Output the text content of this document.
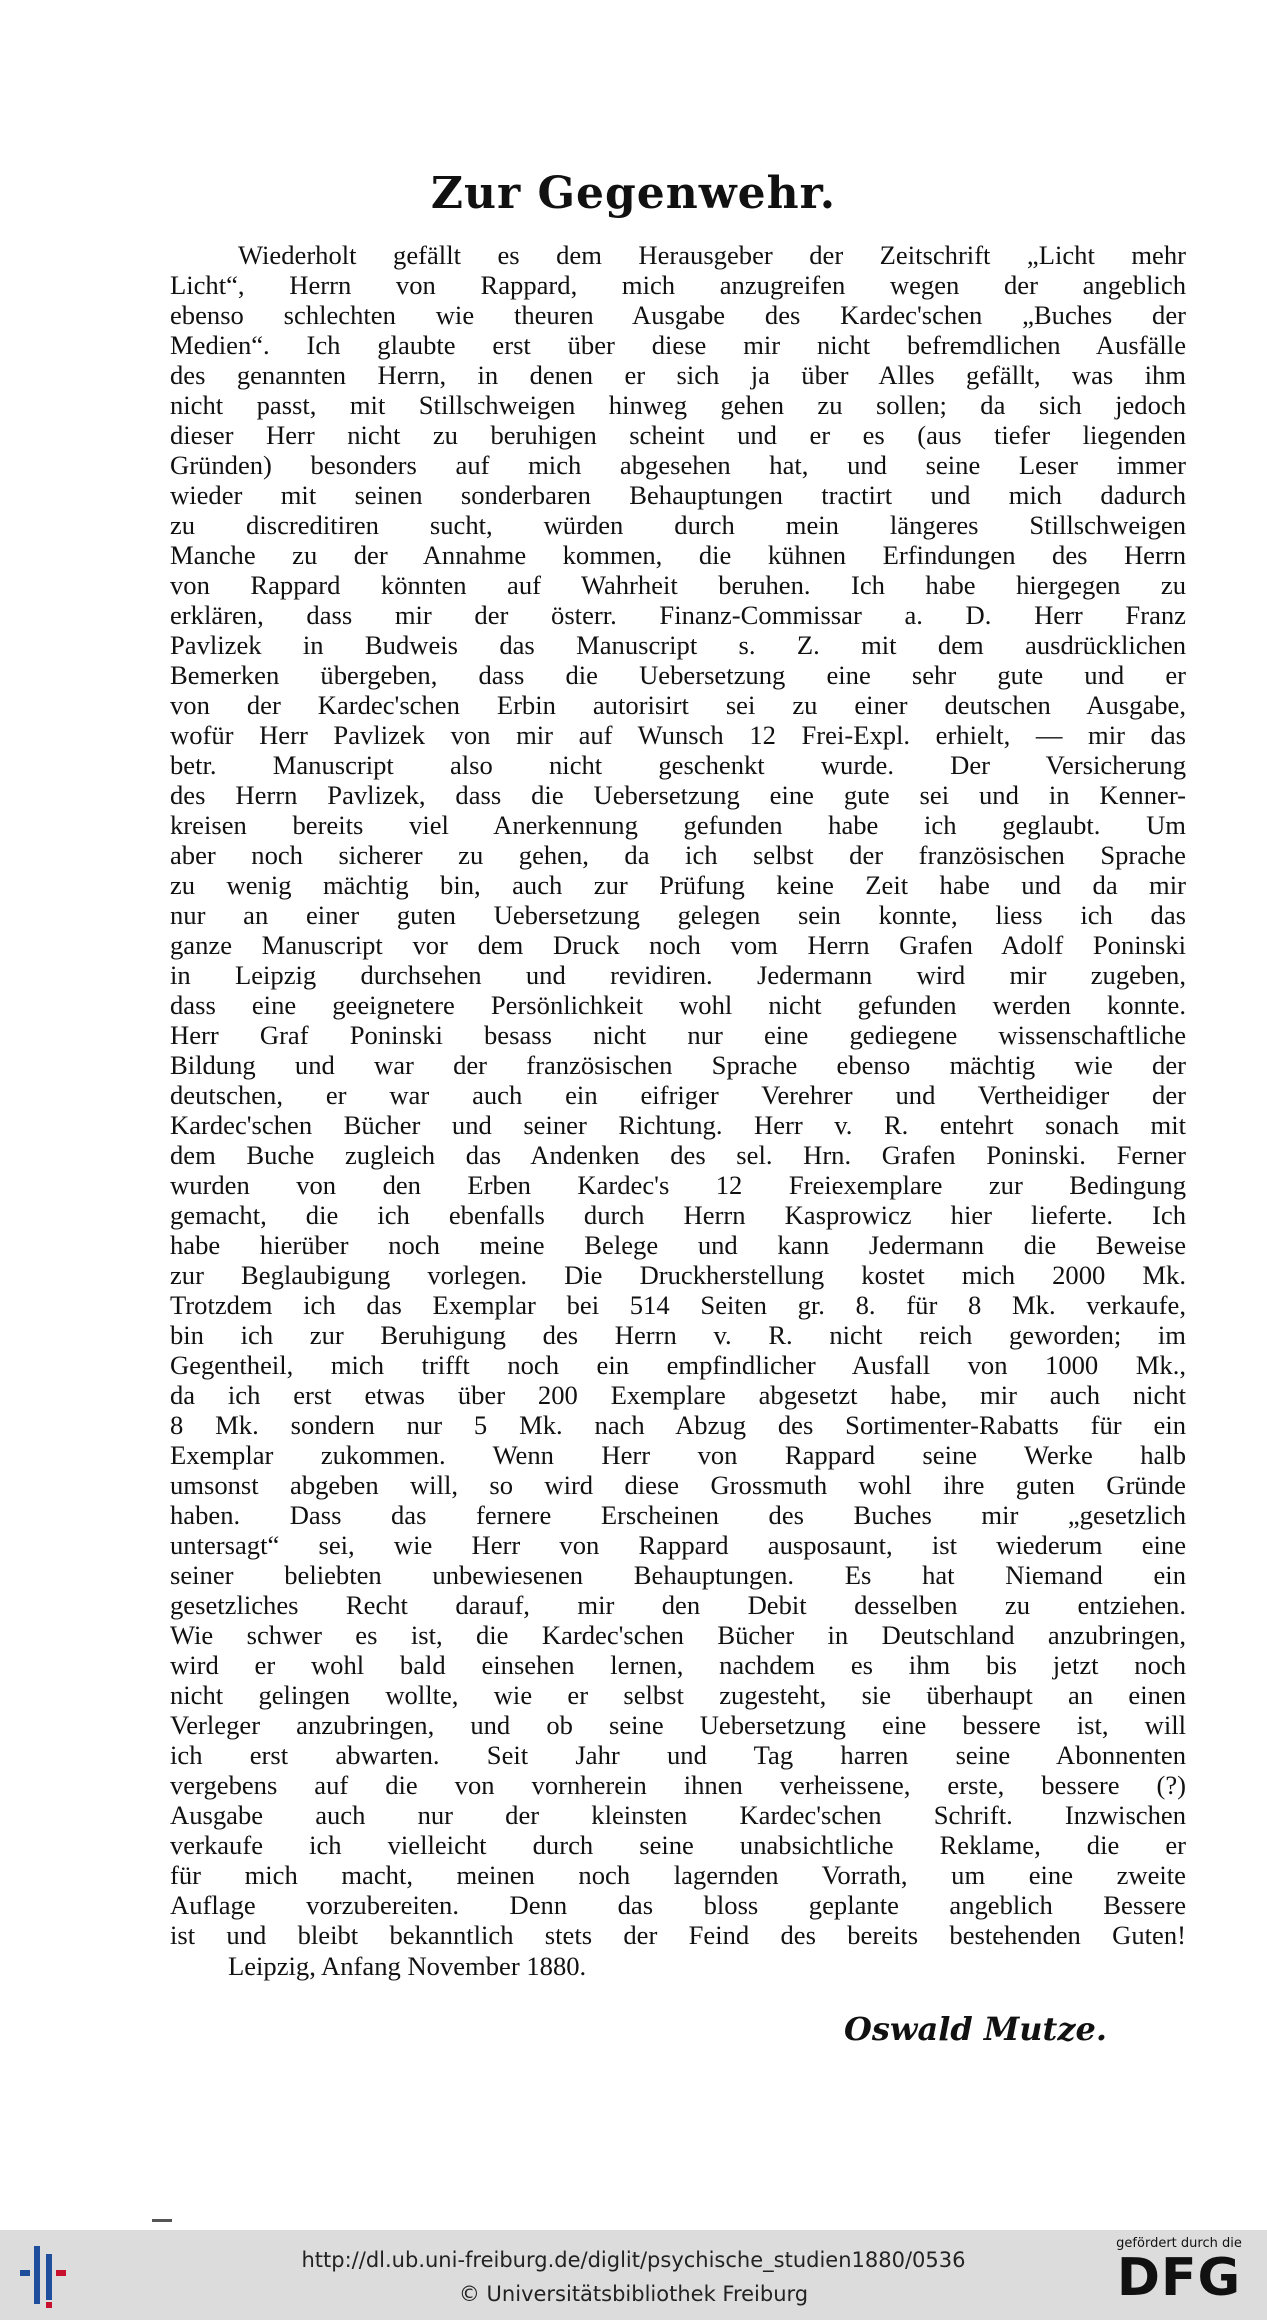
Zur Gegenwehr.
Wiederholt gefällt es dem Herausgeber der Zeitschrift „Licht mehr
Licht“, Herrn von Rappard, mich anzugreifen wegen der angeblich
ebenso schlechten wie theuren Ausgabe des Kardec'schen „Buches der
Medien“. Ich glaubte erst über diese mir nicht befremdlichen Ausfälle
des genannten Herrn, in denen er sich ja über Alles gefällt, was ihm
nicht passt, mit Stillschweigen hinweg gehen zu sollen; da sich jedoch
dieser Herr nicht zu beruhigen scheint und er es (aus tiefer liegenden
Gründen) besonders auf mich abgesehen hat, und seine Leser immer
wieder mit seinen sonderbaren Behauptungen tractirt und mich dadurch
zu discreditiren sucht, würden durch mein längeres Stillschweigen
Manche zu der Annahme kommen, die kühnen Erfindungen des Herrn
von Rappard könnten auf Wahrheit beruhen. Ich habe hiergegen zu
erklären, dass mir der österr. Finanz-Commissar a. D. Herr Franz
Pavlizek in Budweis das Manuscript s. Z. mit dem ausdrücklichen
Bemerken übergeben, dass die Uebersetzung eine sehr gute und er
von der Kardec'schen Erbin autorisirt sei zu einer deutschen Ausgabe,
wofür Herr Pavlizek von mir auf Wunsch 12 Frei-Expl. erhielt, — mir das
betr. Manuscript also nicht geschenkt wurde. Der Versicherung
des Herrn Pavlizek, dass die Uebersetzung eine gute sei und in Kenner-
kreisen bereits viel Anerkennung gefunden habe ich geglaubt. Um
aber noch sicherer zu gehen, da ich selbst der französischen Sprache
zu wenig mächtig bin, auch zur Prüfung keine Zeit habe und da mir
nur an einer guten Uebersetzung gelegen sein konnte, liess ich das
ganze Manuscript vor dem Druck noch vom Herrn Grafen Adolf Poninski
in Leipzig durchsehen und revidiren. Jedermann wird mir zugeben,
dass eine geeignetere Persönlichkeit wohl nicht gefunden werden konnte.
Herr Graf Poninski besass nicht nur eine gediegene wissenschaftliche
Bildung und war der französischen Sprache ebenso mächtig wie der
deutschen, er war auch ein eifriger Verehrer und Vertheidiger der
Kardec'schen Bücher und seiner Richtung. Herr v. R. entehrt sonach mit
dem Buche zugleich das Andenken des sel. Hrn. Grafen Poninski. Ferner
wurden von den Erben Kardec's 12 Freiexemplare zur Bedingung
gemacht, die ich ebenfalls durch Herrn Kasprowicz hier lieferte. Ich
habe hierüber noch meine Belege und kann Jedermann die Beweise
zur Beglaubigung vorlegen. Die Druckherstellung kostet mich 2000 Mk.
Trotzdem ich das Exemplar bei 514 Seiten gr. 8. für 8 Mk. verkaufe,
bin ich zur Beruhigung des Herrn v. R. nicht reich geworden; im
Gegentheil, mich trifft noch ein empfindlicher Ausfall von 1000 Mk.,
da ich erst etwas über 200 Exemplare abgesetzt habe, mir auch nicht
8 Mk. sondern nur 5 Mk. nach Abzug des Sortimenter-Rabatts für ein
Exemplar zukommen. Wenn Herr von Rappard seine Werke halb
umsonst abgeben will, so wird diese Grossmuth wohl ihre guten Gründe
haben. Dass das fernere Erscheinen des Buches mir „gesetzlich
untersagt“ sei, wie Herr von Rappard ausposaunt, ist wiederum eine
seiner beliebten unbewiesenen Behauptungen. Es hat Niemand ein
gesetzliches Recht darauf, mir den Debit desselben zu entziehen.
Wie schwer es ist, die Kardec'schen Bücher in Deutschland anzubringen,
wird er wohl bald einsehen lernen, nachdem es ihm bis jetzt noch
nicht gelingen wollte, wie er selbst zugesteht, sie überhaupt an einen
Verleger anzubringen, und ob seine Uebersetzung eine bessere ist, will
ich erst abwarten. Seit Jahr und Tag harren seine Abonnenten
vergebens auf die von vornherein ihnen verheissene, erste, bessere (?)
Ausgabe auch nur der kleinsten Kardec'schen Schrift. Inzwischen
verkaufe ich vielleicht durch seine unabsichtliche Reklame, die er
für mich macht, meinen noch lagernden Vorrath, um eine zweite
Auflage vorzubereiten. Denn das bloss geplante angeblich Bessere
ist und bleibt bekanntlich stets der Feind des bereits bestehenden Guten!
Leipzig, Anfang November 1880.
Oswald Mutze.
http://dl.ub.uni-freiburg.de/diglit/psychische_studien1880/0536
© Universitätsbibliothek Freiburg
gefördert durch die
DFG
